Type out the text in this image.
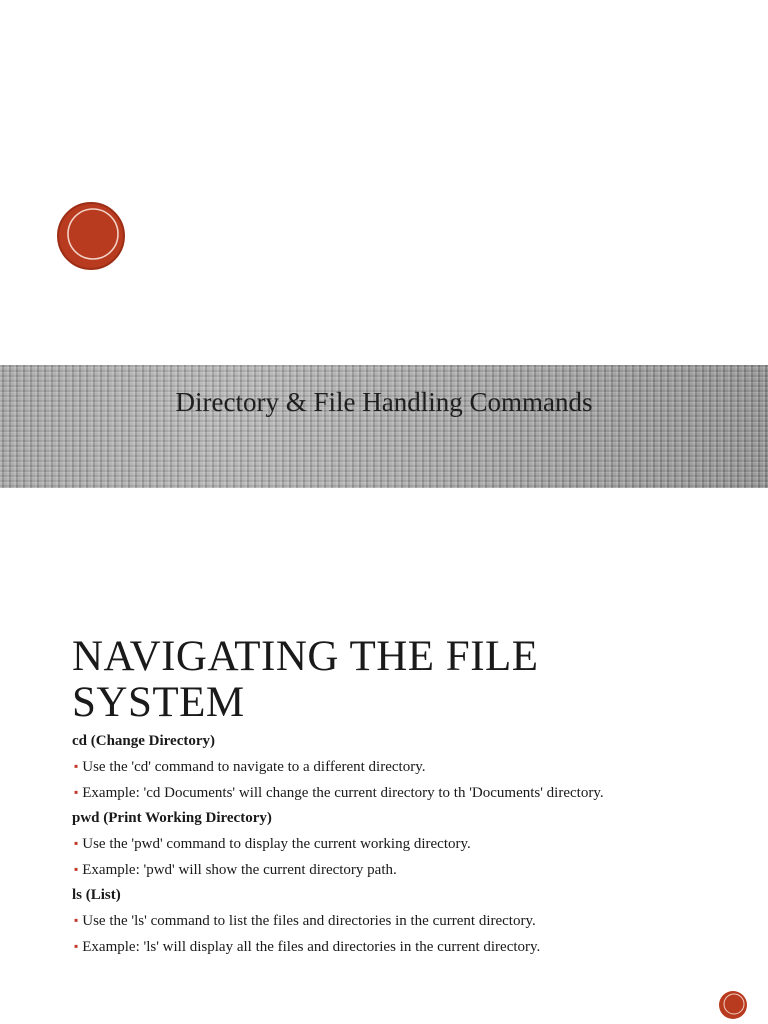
Directory & File Handling Commands
NAVIGATING THE FILE SYSTEM
cd (Change Directory)
▪ Use the 'cd' command to navigate to a different directory.
▪ Example: 'cd Documents' will change the current directory to th 'Documents' directory.
pwd (Print Working Directory)
▪ Use the 'pwd' command to display the current working directory.
▪ Example: 'pwd' will show the current directory path.
ls (List)
▪ Use the 'ls' command to list the files and directories in the current directory.
▪ Example: 'ls' will display all the files and directories in the current directory.
